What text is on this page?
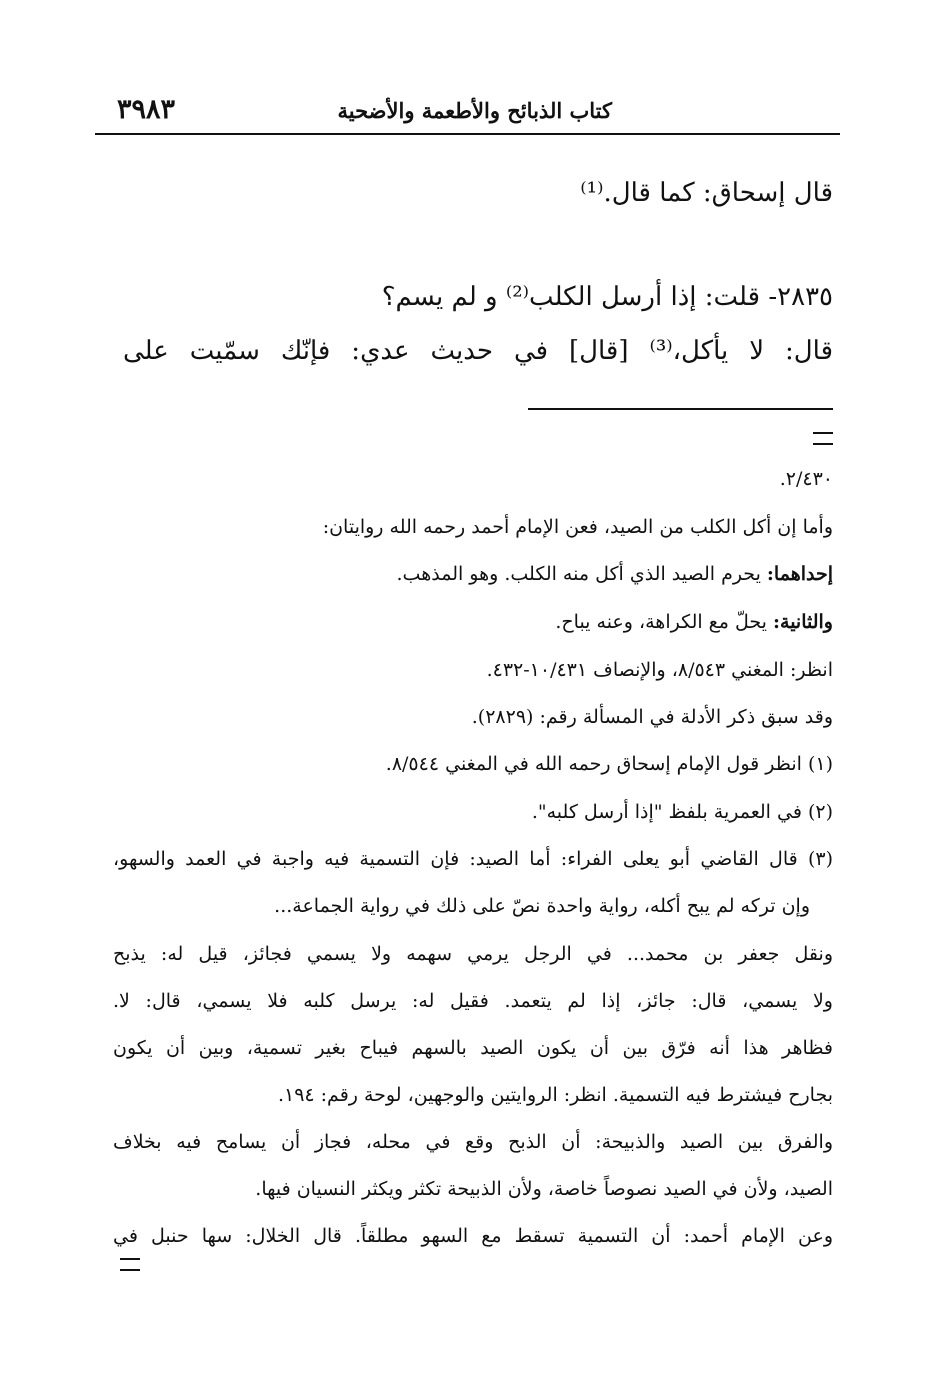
كتاب الذبائح والأطعمة والأضحية
٣٩٨٣
قال إسحاق: كما قال.⁽¹⁾
٢٨٣٥- قلت: إذا أرسل الكلب⁽²⁾ و لم يسم؟
قال: لا يأكل،⁽³⁾ [قال] في حديث عدي: فإنّك سمّيت على
٢/٤٣٠.
وأما إن أكل الكلب من الصيد، فعن الإمام أحمد رحمه الله روايتان:
إحداهما: يحرم الصيد الذي أكل منه الكلب. وهو المذهب.
والثانية: يحلّ مع الكراهة، وعنه يباح.
انظر: المغني ٨/٥٤٣، والإنصاف ١٠/٤٣١-٤٣٢.
وقد سبق ذكر الأدلة في المسألة رقم: (٢٨٢٩).
(١) انظر قول الإمام إسحاق رحمه الله في المغني ٨/٥٤٤.
(٢) في العمرية بلفظ "إذا أرسل كلبه".
(٣) قال القاضي أبو يعلى الفراء: أما الصيد: فإن التسمية فيه واجبة في العمد والسهو،
وإن تركه لم يبح أكله، رواية واحدة نصّ على ذلك في رواية الجماعة...
ونقل جعفر بن محمد... في الرجل يرمي سهمه ولا يسمي فجائز، قيل له: يذبح
ولا يسمي، قال: جائز، إذا لم يتعمد. فقيل له: يرسل كلبه فلا يسمي، قال: لا.
فظاهر هذا أنه فرّق بين أن يكون الصيد بالسهم فيباح بغير تسمية، وبين أن يكون
بجارح فيشترط فيه التسمية. انظر: الروايتين والوجهين، لوحة رقم: ١٩٤.
والفرق بين الصيد والذبيحة: أن الذبح وقع في محله، فجاز أن يسامح فيه بخلاف
الصيد، ولأن في الصيد نصوصاً خاصة، ولأن الذبيحة تكثر ويكثر النسيان فيها.
وعن الإمام أحمد: أن التسمية تسقط مع السهو مطلقاً. قال الخلال: سها حنبل في
